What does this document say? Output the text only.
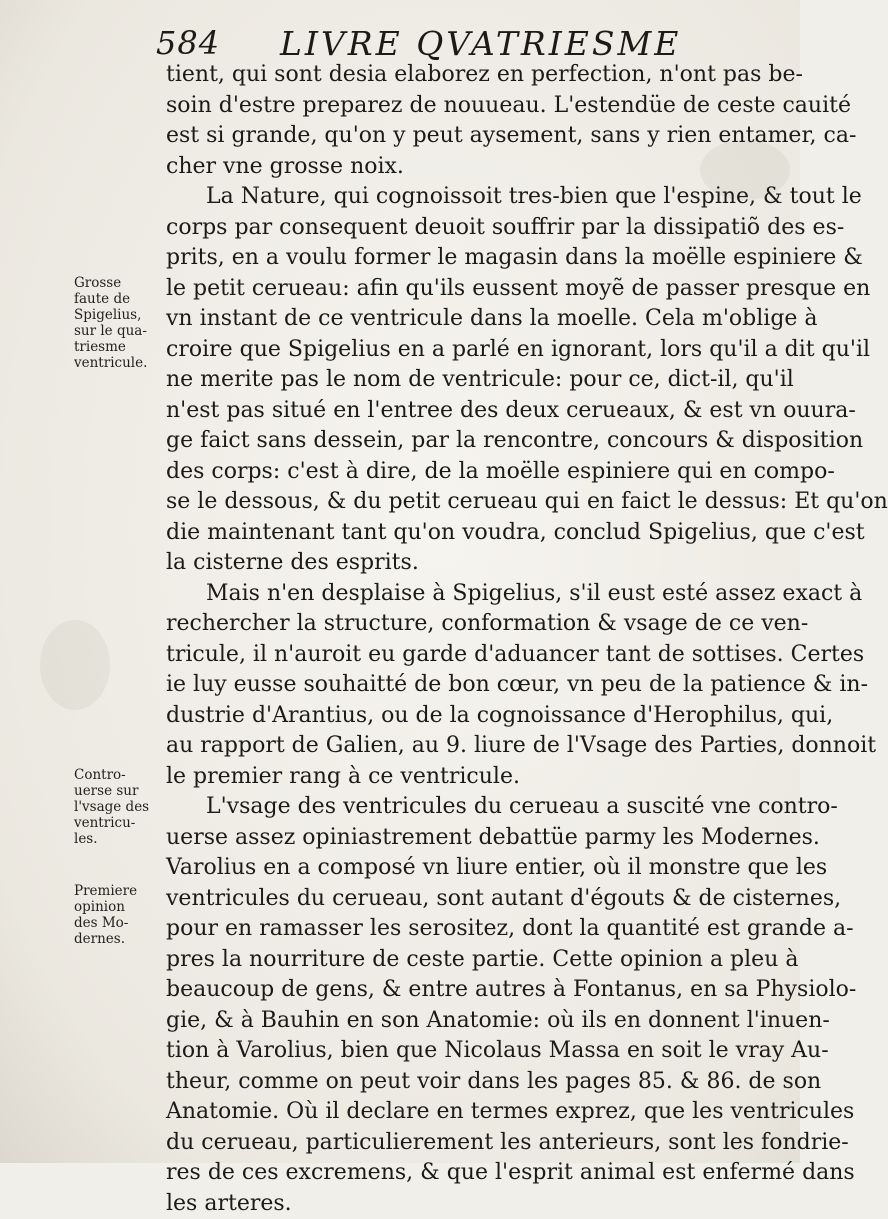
584 LIVRE QVATRIESME
tient, qui sont desia elaborez en perfection, n'ont pas be-
soin d'estre preparez de nouueau. L'estendüe de ceste cauité
est si grande, qu'on y peut aysement, sans y rien entamer, ca-
cher vne grosse noix.
La Nature, qui cognoissoit tres-bien que l'espine, & tout le
corps par consequent deuoit souffrir par la dissipatiõ des es-
prits, en a voulu former le magasin dans la moëlle espiniere &
le petit cerueau: afin qu'ils eussent moyẽ de passer presque en
vn instant de ce ventricule dans la moelle. Cela m'oblige à
croire que Spigelius en a parlé en ignorant, lors qu'il a dit qu'il
ne merite pas le nom de ventricule: pour ce, dict-il, qu'il
n'est pas situé en l'entree des deux cerueaux, & est vn ouura-
ge faict sans dessein, par la rencontre, concours & disposition
des corps: c'est à dire, de la moëlle espiniere qui en compo-
se le dessous, & du petit cerueau qui en faict le dessus: Et qu'on
die maintenant tant qu'on voudra, conclud Spigelius, que c'est
la cisterne des esprits.
Mais n'en desplaise à Spigelius, s'il eust esté assez exact à
rechercher la structure, conformation & vsage de ce ven-
tricule, il n'auroit eu garde d'aduancer tant de sottises. Certes
ie luy eusse souhaitté de bon cœur, vn peu de la patience & in-
dustrie d'Arantius, ou de la cognoissance d'Herophilus, qui,
au rapport de Galien, au 9. liure de l'Vsage des Parties, donnoit
le premier rang à ce ventricule.
L'vsage des ventricules du cerueau a suscité vne contro-
uerse assez opiniastrement debattüe parmy les Modernes.
Varolius en a composé vn liure entier, où il monstre que les
ventricules du cerueau, sont autant d'égouts & de cisternes,
pour en ramasser les serositez, dont la quantité est grande a-
pres la nourriture de ceste partie. Cette opinion a pleu à
beaucoup de gens, & entre autres à Fontanus, en sa Physiolo-
gie, & à Bauhin en son Anatomie: où ils en donnent l'inuen-
tion à Varolius, bien que Nicolaus Massa en soit le vray Au-
theur, comme on peut voir dans les pages 85. & 86. de son
Anatomie. Où il declare en termes exprez, que les ventricules
du cerueau, particulierement les anterieurs, sont les fondrie-
res de ces excremens, & que l'esprit animal est enfermé dans
les arteres.
Grosse
faute de
Spigelius,
sur le qua-
triesme
ventricule.
Contro-
uerse sur
l'vsage des
ventricu-
les.
Premiere
opinion
des Mo-
dernes.
